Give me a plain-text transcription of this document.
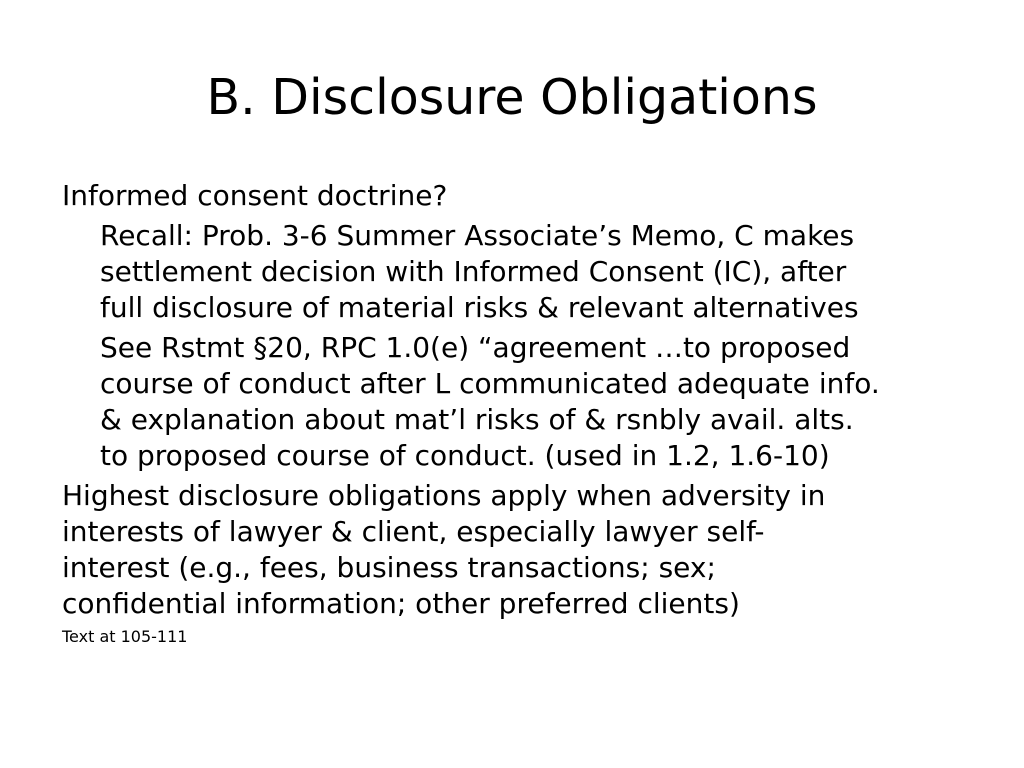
B. Disclosure Obligations

Informed consent doctrine?

Recall: Prob. 3-6 Summer Associate’s Memo, C makes
settlement decision with Informed Consent (IC), after
full disclosure of material risks & relevant alternatives

See Rstmt §20, RPC 1.0(e) “agreement …to proposed
course of conduct after L communicated adequate info.
& explanation about mat’l risks of & rsnbly avail. alts.
to proposed course of conduct. (used in 1.2, 1.6-10)

Highest disclosure obligations apply when adversity in
interests of lawyer & client, especially lawyer self-
interest (e.g., fees, business transactions; sex;
confidential information; other preferred clients)

Text at 105-111
